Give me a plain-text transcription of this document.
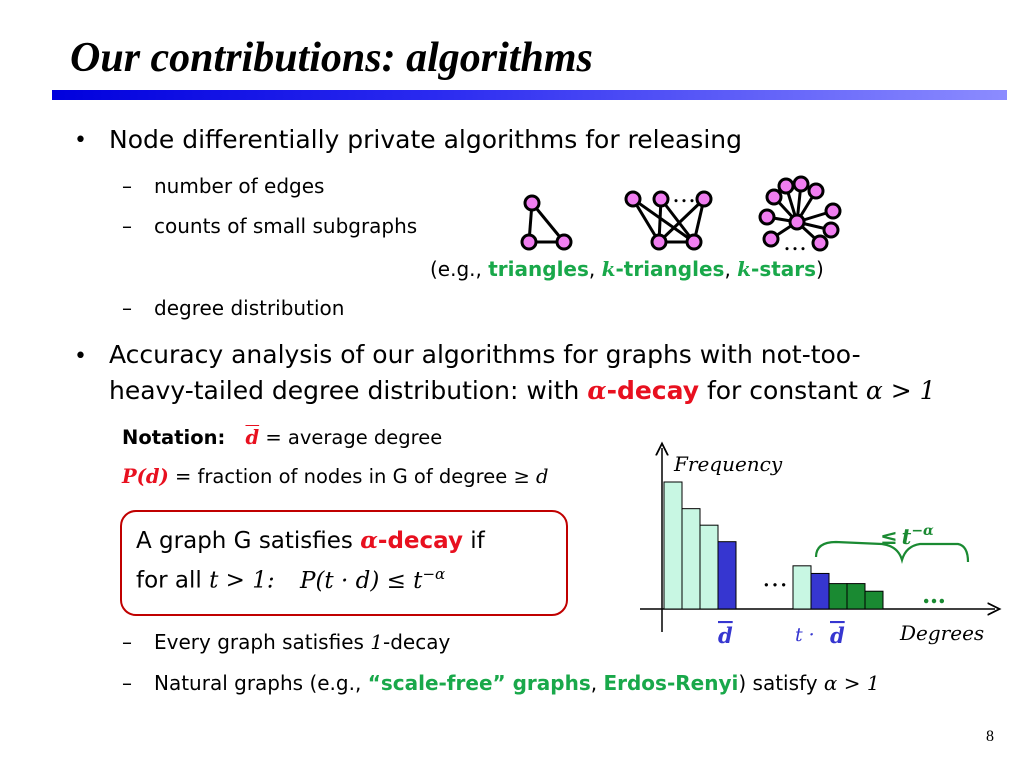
Our contributions: algorithms
• Node differentially private algorithms for releasing
– number of edges
– counts of small subgraphs
(e.g., triangles, k-triangles, k-stars)
– degree distribution
…
…
• Accuracy analysis of our algorithms for graphs with not-too-
heavy-tailed degree distribution: with α-decay for constant α > 1
Notation: $\overline{d}$ = average degree
P(d) = fraction of nodes in G of degree ≥ d
A graph G satisfies α-decay if
for all t > 1: $P(t \cdot d) \le t^{-\alpha}$
– Every graph satisfies 1-decay
– Natural graphs (e.g., “scale-free” graphs, Erdos-Renyi) satisfy α > 1
Frequency
Degrees
…
…
≤ $t^{-\alpha}$
d	t · d
8
